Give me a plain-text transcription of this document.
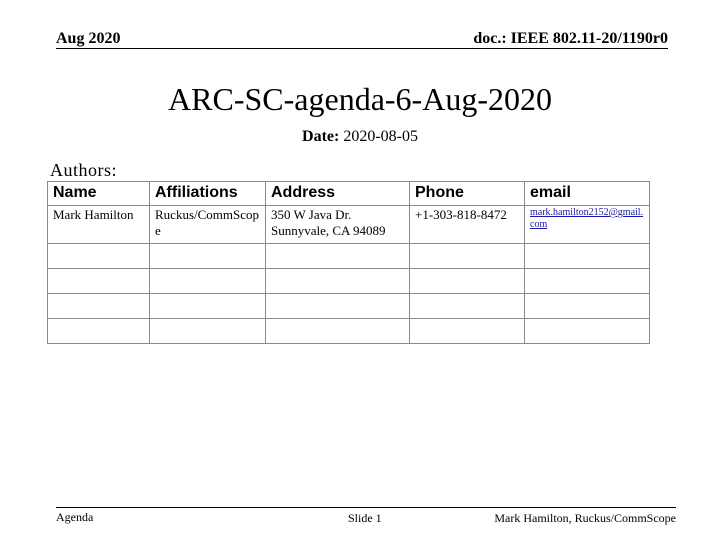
Aug 2020	doc.: IEEE 802.11-20/1190r0
ARC-SC-agenda-6-Aug-2020
Date: 2020-08-05
Authors:
Name	Affiliations	Address	Phone	email
Mark Hamilton	Ruckus/CommScope	350 W Java Dr.
Sunnyvale, CA 94089	+1-303-818-8472	mark.hamilton2152@gmail.com

Agenda	Slide 1	Mark Hamilton, Ruckus/CommScope
